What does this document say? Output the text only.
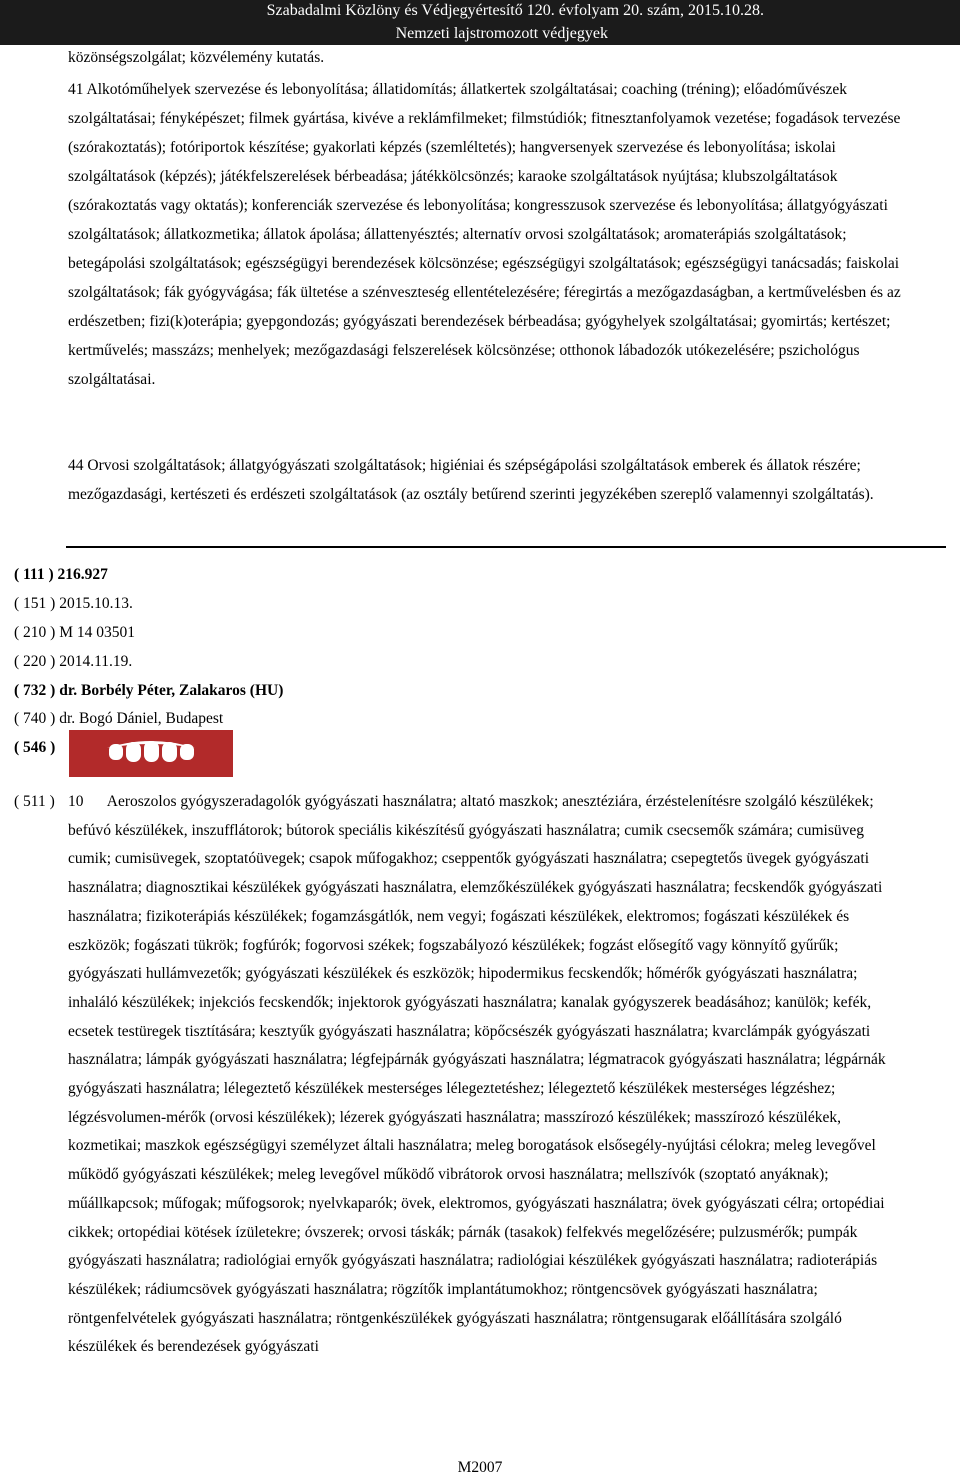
Szabadalmi Közlöny és Védjegyértesítő 120. évfolyam 20. szám, 2015.10.28.
Nemzeti lajstromozott védjegyek
közönségszolgálat; közvélemény kutatás.

41 Alkotóműhelyek szervezése és lebonyolítása; állatidomítás; állatkertek szolgáltatásai; coaching (tréning); előadóművészek szolgáltatásai; fényképészet; filmek gyártása, kivéve a reklámfilmeket; filmstúdiók; fitnesztanfolyamok vezetése; fogadások tervezése (szórakoztatás); fotóriportok készítése; gyakorlati képzés (szemléltetés); hangversenyek szervezése és lebonyolítása; iskolai szolgáltatások (képzés); játékfelszerelések bérbeadása; játékkölcsönzés; karaoke szolgáltatások nyújtása; klubszolgáltatások (szórakoztatás vagy oktatás); konferenciák szervezése és lebonyolítása; kongresszusok szervezése és lebonyolítása; állatgyógyászati szolgáltatások; állatkozmetika; állatok ápolása; állattenyésztés; alternatív orvosi szolgáltatások; aromaterápiás szolgáltatások; betegápolási szolgáltatások; egészségügyi berendezések kölcsönzése; egészségügyi szolgáltatások; egészségügyi tanácsadás; faiskolai szolgáltatások; fák gyógyvágása; fák ültetése a szénveszteség ellentételezésére; féregirtás a mezőgazdaságban, a kertművelésben és az erdészetben; fizi(k)oterápia; gyepgondozás; gyógyászati berendezések bérbeadása; gyógyhelyek szolgáltatásai; gyomirtás; kertészet; kertművelés; masszázs; menhelyek; mezőgazdasági felszerelések kölcsönzése; otthonok lábadozók utókezelésére; pszichológus szolgáltatásai.

44 Orvosi szolgáltatások; állatgyógyászati szolgáltatások; higiéniai és szépségápolási szolgáltatások emberek és állatok részére; mezőgazdasági, kertészeti és erdészeti szolgáltatások (az osztály betűrend szerinti jegyzékében szereplő valamennyi szolgáltatás).

( 111 ) 216.927
( 151 ) 2015.10.13.
( 210 ) M 14 03501
( 220 ) 2014.11.19.
( 732 ) dr. Borbély Péter, Zalakaros (HU)
( 740 ) dr. Bogó Dániel, Budapest
( 546 )
( 511 ) 10 Aeroszolos gyógyszeradagolók gyógyászati használatra; altató maszkok; anesztéziára, érzéstelenítésre szolgáló készülékek; befúvó készülékek, inszufflátorok; bútorok speciális kikészítésű gyógyászati használatra; cumik csecsemők számára; cumisüveg cumik; cumisüvegek, szoptatóüvegek; csapok műfogakhoz; cseppentők gyógyászati használatra; csepegtetős üvegek gyógyászati használatra; diagnosztikai készülékek gyógyászati használatra, elemzőkészülékek gyógyászati használatra; fecskendők gyógyászati használatra; fizikoterápiás készülékek; fogamzásgátlók, nem vegyi; fogászati készülékek, elektromos; fogászati készülékek és eszközök; fogászati tükrök; fogfúrók; fogorvosi székek; fogszabályozó készülékek; fogzást elősegítő vagy könnyítő gyűrűk; gyógyászati hullámvezetők; gyógyászati készülékek és eszközök; hipodermikus fecskendők; hőmérők gyógyászati használatra; inhaláló készülékek; injekciós fecskendők; injektorok gyógyászati használatra; kanalak gyógyszerek beadásához; kanülök; kefék, ecsetek testüregek tisztítására; kesztyűk gyógyászati használatra; köpőcsészék gyógyászati használatra; kvarclámpák gyógyászati használatra; lámpák gyógyászati használatra; légfejpárnák gyógyászati használatra; légmatracok gyógyászati használatra; légpárnák gyógyászati használatra; lélegeztető készülékek mesterséges lélegeztetéshez; lélegeztető készülékek mesterséges légzéshez; légzésvolumen-mérők (orvosi készülékek); lézerek gyógyászati használatra; masszírozó készülékek; masszírozó készülékek, kozmetikai; maszkok egészségügyi személyzet általi használatra; meleg borogatások elsősegély-nyújtási célokra; meleg levegővel működő gyógyászati készülékek; meleg levegővel működő vibrátorok orvosi használatra; mellszívók (szoptató anyáknak); műállkapcsok; műfogak; műfogsorok; nyelvkaparók; övek, elektromos, gyógyászati használatra; övek gyógyászati célra; ortopédiai cikkek; ortopédiai kötések ízületekre; óvszerek; orvosi táskák; párnák (tasakok) felfekvés megelőzésére; pulzusmérők; pumpák gyógyászati használatra; radiológiai ernyők gyógyászati használatra; radiológiai készülékek gyógyászati használatra; radioterápiás készülékek; rádiumcsövek gyógyászati használatra; rögzítők implantátumokhoz; röntgencsövek gyógyászati használatra; röntgenfelvételek gyógyászati használatra; röntgenkészülékek gyógyászati használatra; röntgensugarak előállítására szolgáló készülékek és berendezések gyógyászati
M2007
